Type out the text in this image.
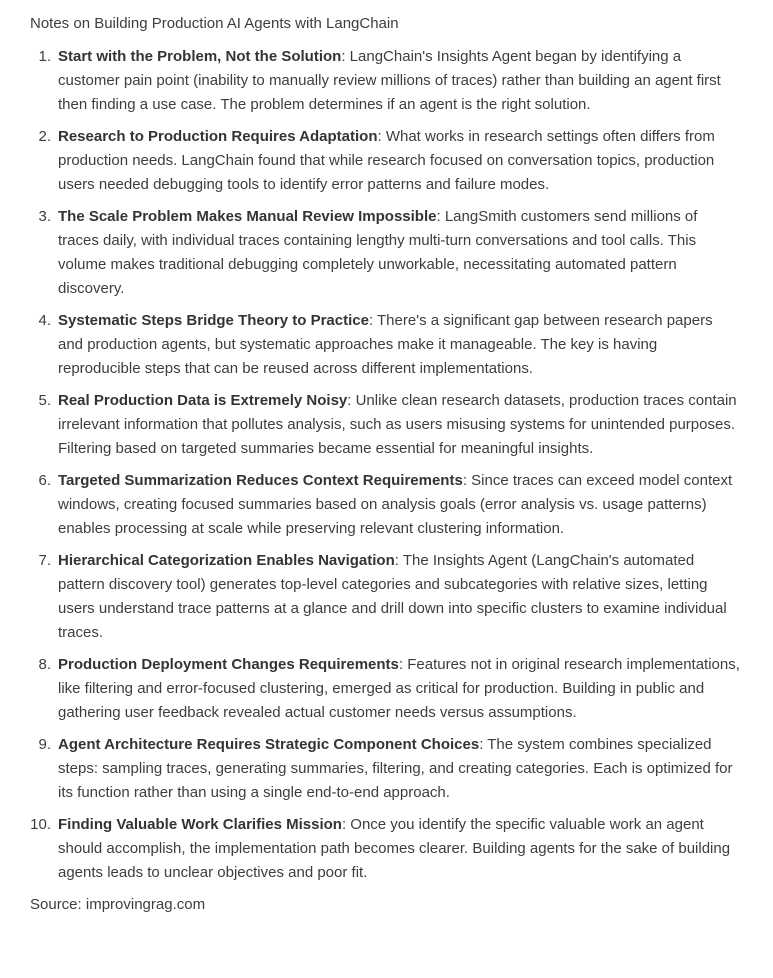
Notes on Building Production AI Agents with LangChain

1. Start with the Problem, Not the Solution: LangChain's Insights Agent began by identifying a customer pain point (inability to manually review millions of traces) rather than building an agent first then finding a use case. The problem determines if an agent is the right solution.
2. Research to Production Requires Adaptation: What works in research settings often differs from production needs. LangChain found that while research focused on conversation topics, production users needed debugging tools to identify error patterns and failure modes.
3. The Scale Problem Makes Manual Review Impossible: LangSmith customers send millions of traces daily, with individual traces containing lengthy multi-turn conversations and tool calls. This volume makes traditional debugging completely unworkable, necessitating automated pattern discovery.
4. Systematic Steps Bridge Theory to Practice: There's a significant gap between research papers and production agents, but systematic approaches make it manageable. The key is having reproducible steps that can be reused across different implementations.
5. Real Production Data is Extremely Noisy: Unlike clean research datasets, production traces contain irrelevant information that pollutes analysis, such as users misusing systems for unintended purposes. Filtering based on targeted summaries became essential for meaningful insights.
6. Targeted Summarization Reduces Context Requirements: Since traces can exceed model context windows, creating focused summaries based on analysis goals (error analysis vs. usage patterns) enables processing at scale while preserving relevant clustering information.
7. Hierarchical Categorization Enables Navigation: The Insights Agent (LangChain's automated pattern discovery tool) generates top-level categories and subcategories with relative sizes, letting users understand trace patterns at a glance and drill down into specific clusters to examine individual traces.
8. Production Deployment Changes Requirements: Features not in original research implementations, like filtering and error-focused clustering, emerged as critical for production. Building in public and gathering user feedback revealed actual customer needs versus assumptions.
9. Agent Architecture Requires Strategic Component Choices: The system combines specialized steps: sampling traces, generating summaries, filtering, and creating categories. Each is optimized for its function rather than using a single end-to-end approach.
10. Finding Valuable Work Clarifies Mission: Once you identify the specific valuable work an agent should accomplish, the implementation path becomes clearer. Building agents for the sake of building agents leads to unclear objectives and poor fit.

Source: improvingrag.com
